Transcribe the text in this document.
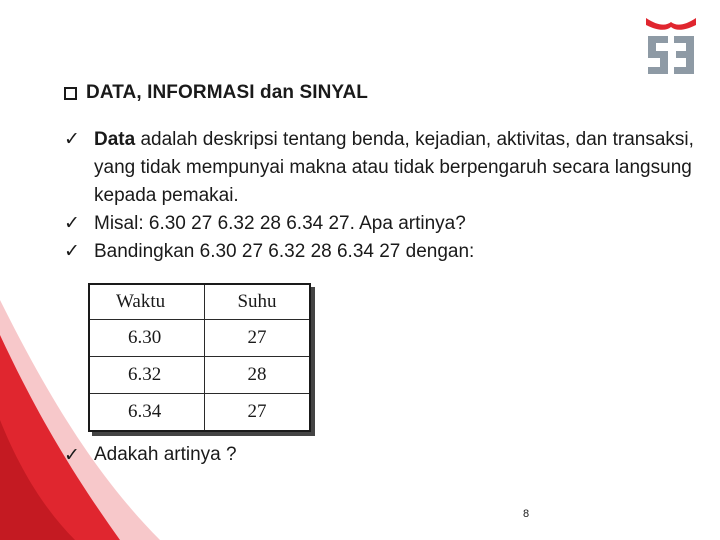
DATA, INFORMASI dan SINYAL
✓ Data adalah deskripsi tentang benda, kejadian, aktivitas, dan transaksi, yang tidak mempunyai makna atau tidak berpengaruh secara langsung kepada pemakai.
✓ Misal: 6.30 27 6.32 28 6.34 27. Apa artinya?
✓ Bandingkan 6.30 27 6.32 28 6.34 27 dengan:
Waktu	Suhu
6.30	27
6.32	28
6.34	27
✓ Adakah artinya ?
8
